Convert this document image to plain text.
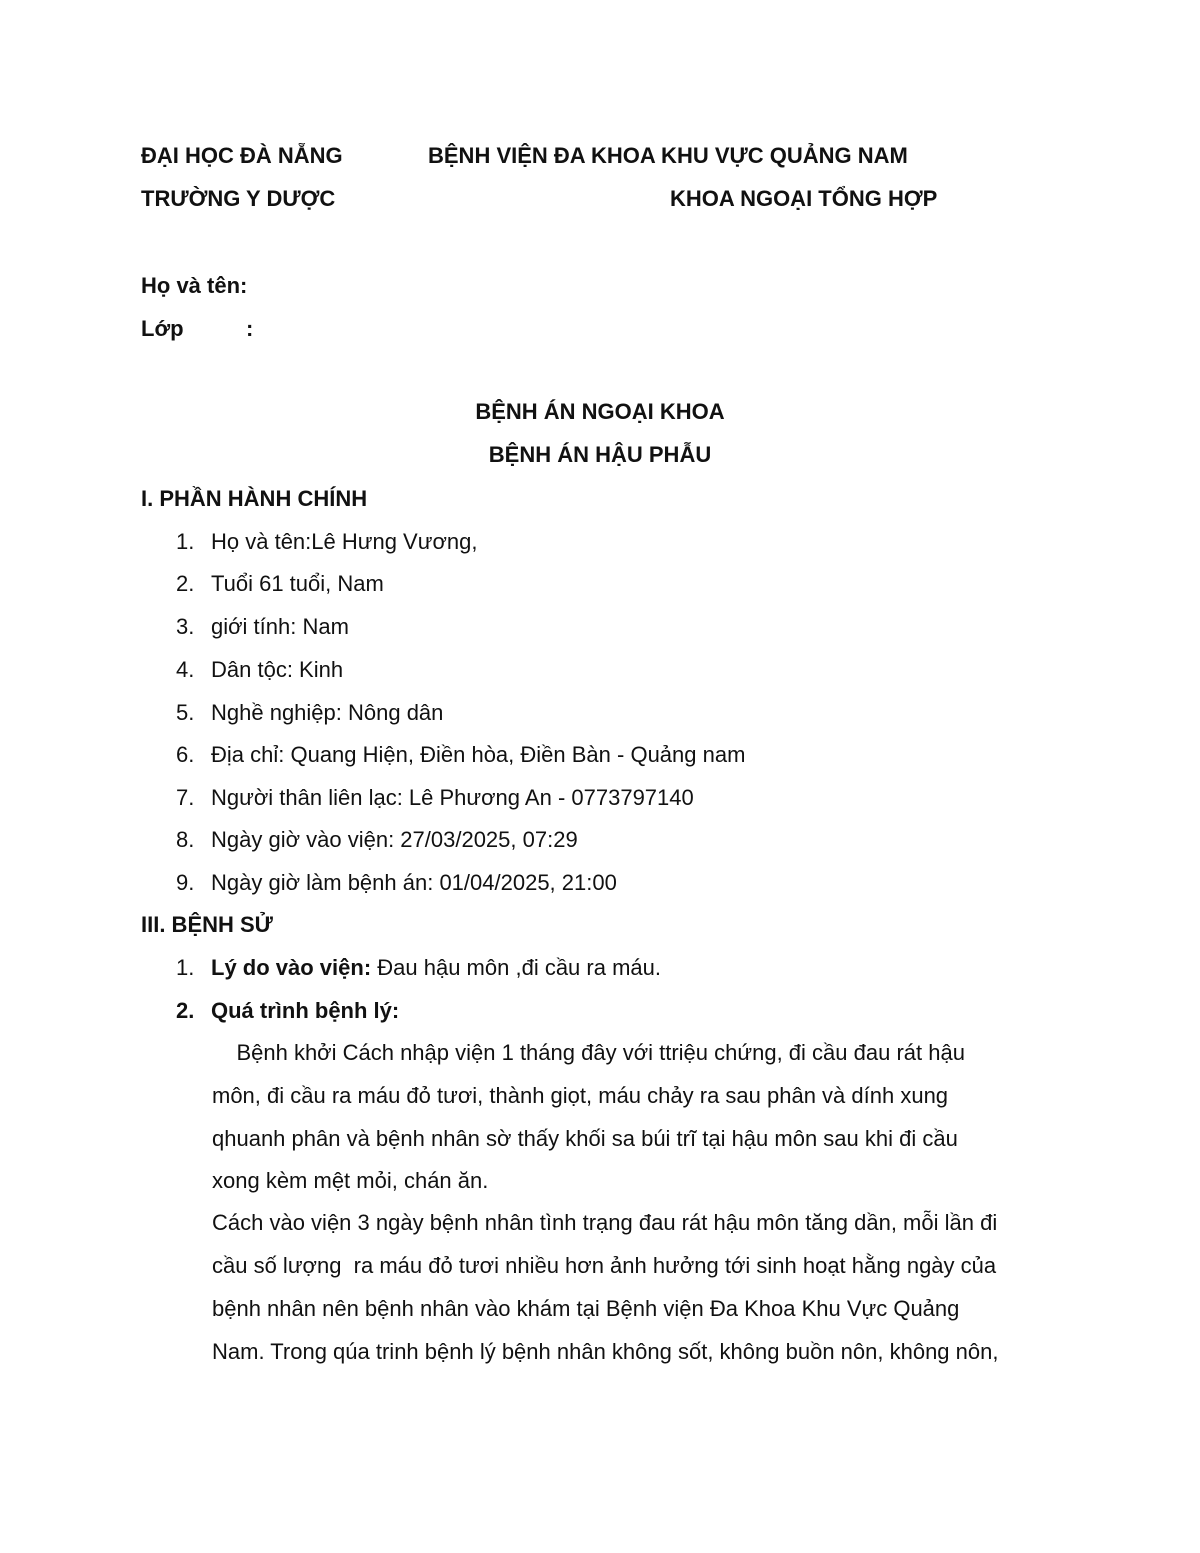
ĐẠI HỌC ĐÀ NẴNG	BỆNH VIỆN ĐA KHOA KHU VỰC QUẢNG NAM
TRƯỜNG Y DƯỢC	KHOA NGOẠI TỔNG HỢP
Họ và tên:
Lớp	:
BỆNH ÁN NGOẠI KHOA
BỆNH ÁN HẬU PHẪU
I. PHẦN HÀNH CHÍNH
1. Họ và tên:Lê Hưng Vương,
2. Tuổi 61 tuổi, Nam
3. giới tính: Nam
4. Dân tộc: Kinh
5. Nghề nghiệp: Nông dân
6. Địa chỉ: Quang Hiện, Điền hòa, Điền Bàn - Quảng nam
7. Người thân liên lạc: Lê Phương An - 0773797140
8. Ngày giờ vào viện: 27/03/2025, 07:29
9. Ngày giờ làm bệnh án: 01/04/2025, 21:00
III. BỆNH SỬ
1. Lý do vào viện: Đau hậu môn ,đi cầu ra máu.
2. Quá trình bệnh lý:
Bệnh khởi Cách nhập viện 1 tháng đây với ttriệu chứng, đi cầu đau rát hậu
môn, đi cầu ra máu đỏ tươi, thành giọt, máu chảy ra sau phân và dính xung
qhuanh phân và bệnh nhân sờ thấy khối sa búi trĩ tại hậu môn sau khi đi cầu
xong kèm mệt mỏi, chán ăn.
Cách vào viện 3 ngày bệnh nhân tình trạng đau rát hậu môn tăng dần, mỗi lần đi
cầu số lượng  ra máu đỏ tươi nhiều hơn ảnh hưởng tới sinh hoạt hằng ngày của
bệnh nhân nên bệnh nhân vào khám tại Bệnh viện Đa Khoa Khu Vực Quảng
Nam. Trong qúa trinh bệnh lý bệnh nhân không sốt, không buồn nôn, không nôn,
